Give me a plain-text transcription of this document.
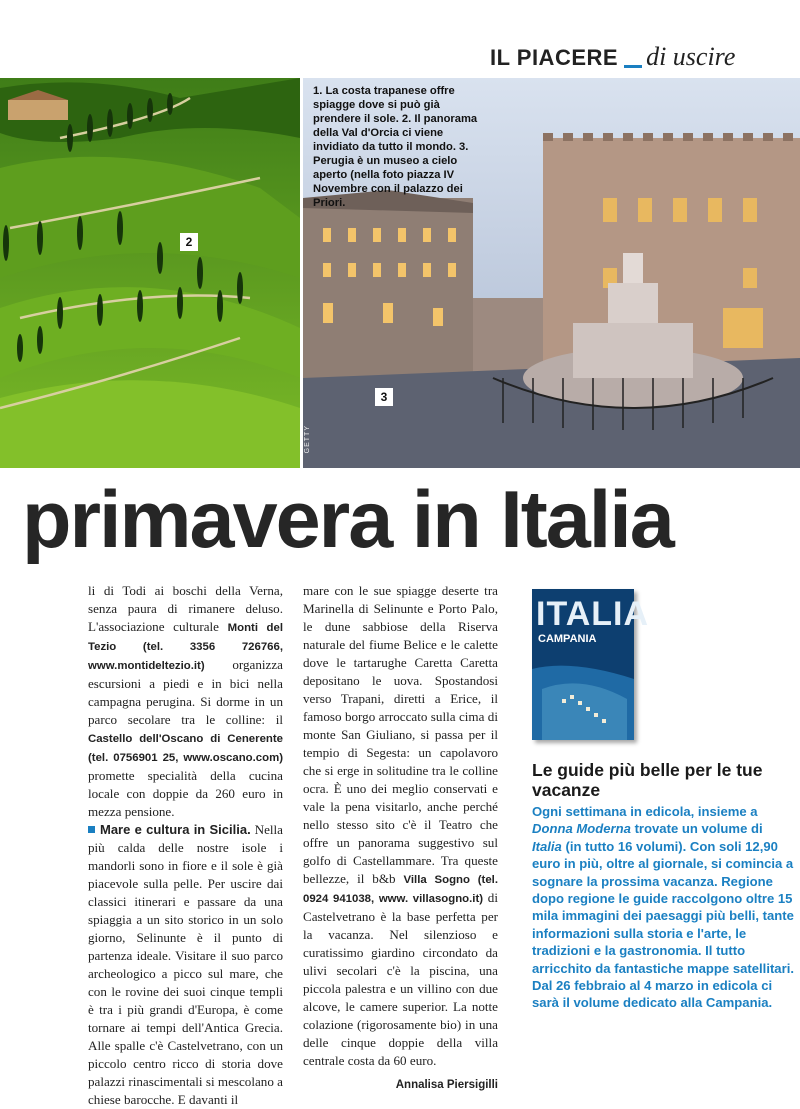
IL PIACERE di uscire
2
3
1. La costa trapanese offre spiagge dove si può già prendere il sole. 2. Il panorama della Val d'Orcia ci viene invidiato da tutto il mondo. 3. Perugia è un museo a cielo aperto (nella foto piazza IV Novembre con il palazzo dei Priori.
GETTY
primavera in Italia

li di Todi ai boschi della Verna, senza paura di rimanere deluso. L'associazione culturale Monti del Tezio (tel. 3356 726766, www.montideltezio.it) organizza escursioni a piedi e in bici nella campagna perugina. Si dorme in un parco secolare tra le colline: il Castello dell'Oscano di Cenerente (tel. 0756901 25, www.oscano.com) promette specialità della cucina locale con doppie da 260 euro in mezza pensione.

Mare e cultura in Sicilia. Nella più calda delle nostre isole i mandorli sono in fiore e il sole è già piacevole sulla pelle. Per uscire dai classici itinerari e passare da una spiaggia a un sito storico in un solo giorno, Selinunte è il punto di partenza ideale. Visitare il suo parco archeologico a picco sul mare, che con le rovine dei suoi cinque templi è tra i più grandi d'Europa, è come tornare ai tempi dell'Antica Grecia. Alle spalle c'è Castelvetrano, con un piccolo centro ricco di storia dove palazzi rinascimentali si mescolano a chiese barocche. E davanti il

mare con le sue spiagge deserte tra Marinella di Selinunte e Porto Palo, le dune sabbiose della Riserva naturale del fiume Belice e le calette dove le tartarughe Caretta Caretta depositano le uova. Spostandosi verso Trapani, diretti a Erice, il famoso borgo arroccato sulla cima di monte San Giuliano, si passa per il tempio di Segesta: un capolavoro che si erge in solitudine tra le colline ocra. È uno dei meglio conservati e vale la pena visitarlo, anche perché nello stesso sito c'è il Teatro che offre un panorama suggestivo sul golfo di Castellammare. Tra queste bellezze, il b&b Villa Sogno (tel. 0924 941038, www. villasogno.it) di Castelvetrano è la base perfetta per la vacanza. Nel silenzioso e curatissimo giardino circondato da ulivi secolari c'è la piscina, una piccola palestra e un villino con due alcove, le camere superior. La notte colazione (rigorosamente bio) in una delle cinque doppie della villa centrale costa da 60 euro.

Annalisa Piersigilli
ITALIA
CAMPANIA
Le guide più belle per le tue vacanze
Ogni settimana in edicola, insieme a Donna Moderna trovate un volume di Italia (in tutto 16 volumi). Con soli 12,90 euro in più, oltre al giornale, si comincia a sognare la prossima vacanza. Regione dopo regione le guide raccolgono oltre 15 mila immagini dei paesaggi più belli, tante informazioni sulla storia e l'arte, le tradizioni e la gastronomia. Il tutto arricchito da fantastiche mappe satellitari. Dal 26 febbraio al 4 marzo in edicola ci sarà il volume dedicato alla Campania.
